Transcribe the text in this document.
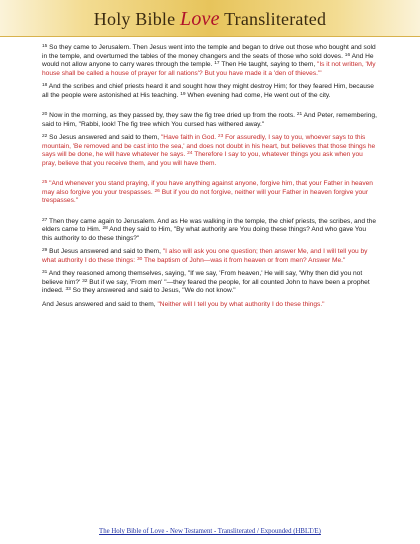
Holy Bible Love Transliterated

$^{15}$ So they came to Jerusalem. Then Jesus went into the temple and began to drive out those who bought and sold in the temple, and overturned the tables of the money changers and the seats of those who sold doves. $^{16}$ And He would not allow anyone to carry wares through the temple. $^{17}$ Then He taught, saying to them, "Is it not written, 'My house shall be called a house of prayer for all nations'? But you have made it a 'den of thieves.'"

$^{18}$ And the scribes and chief priests heard it and sought how they might destroy Him; for they feared Him, because all the people were astonished at His teaching. $^{19}$ When evening had come, He went out of the city.

$^{20}$ Now in the morning, as they passed by, they saw the fig tree dried up from the roots. $^{21}$ And Peter, remembering, said to Him, "Rabbi, look! The fig tree which You cursed has withered away."

$^{22}$ So Jesus answered and said to them, "Have faith in God. $^{23}$ For assuredly, I say to you, whoever says to this mountain, 'Be removed and be cast into the sea,' and does not doubt in his heart, but believes that those things he says will be done, he will have whatever he says. $^{24}$ Therefore I say to you, whatever things you ask when you pray, believe that you receive them, and you will have them.

$^{25}$ "And whenever you stand praying, if you have anything against anyone, forgive him, that your Father in heaven may also forgive you your trespasses. $^{26}$ But if you do not forgive, neither will your Father in heaven forgive your trespasses."

$^{27}$ Then they came again to Jerusalem. And as He was walking in the temple, the chief priests, the scribes, and the elders came to Him. $^{28}$ And they said to Him, "By what authority are You doing these things? And who gave You this authority to do these things?"

$^{29}$ But Jesus answered and said to them, "I also will ask you one question; then answer Me, and I will tell you by what authority I do these things: $^{30}$ The baptism of John—was it from heaven or from men? Answer Me."

$^{31}$ And they reasoned among themselves, saying, "If we say, 'From heaven,' He will say, 'Why then did you not believe him?' $^{32}$ But if we say, 'From men' "—they feared the people, for all counted John to have been a prophet indeed. $^{33}$ So they answered and said to Jesus, "We do not know."

And Jesus answered and said to them, "Neither will I tell you by what authority I do these things."

The Holy Bible of Love - New Testament - Transliterated / Expounded (HBLT/E)
